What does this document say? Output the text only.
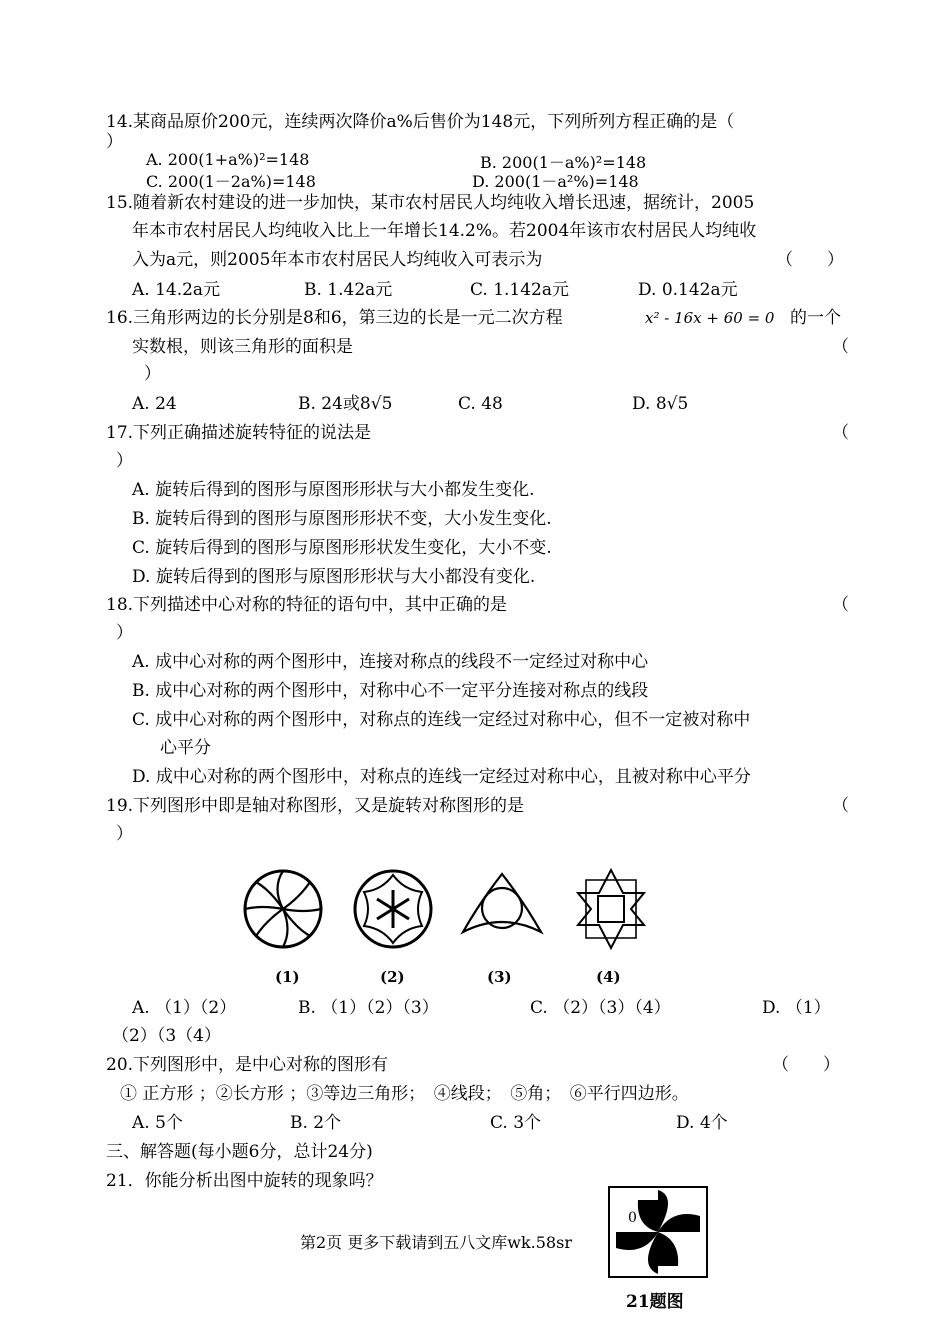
14.某商品原价200元，连续两次降价a%后售价为148元，下列所列方程正确的是（
）
A. 200(1+a%)²=148	B. 200(1－a%)²=148
C. 200(1－2a%)=148	D. 200(1－a²%)=148
15.随着新农村建设的进一步加快，某市农村居民人均纯收入增长迅速，据统计，2005
年本市农村居民人均纯收入比上一年增长14.2%。若2004年该市农村居民人均纯收
入为a元，则2005年本市农村居民人均纯收入可表示为	（　　）
A. 14.2a元	B. 1.42a元	C. 1.142a元	D. 0.142a元
16.三角形两边的长分别是8和6，第三边的长是一元二次方程	x² - 16x + 60 = 0 的一个
实数根，则该三角形的面积是	（
）
A. 24	B. 24或8√5	C. 48	D. 8√5
17.下列正确描述旋转特征的说法是	（
）
A. 旋转后得到的图形与原图形形状与大小都发生变化.
B. 旋转后得到的图形与原图形形状不变，大小发生变化.
C. 旋转后得到的图形与原图形形状发生变化，大小不变.
D. 旋转后得到的图形与原图形形状与大小都没有变化.
18.下列描述中心对称的特征的语句中，其中正确的是	（
）
A. 成中心对称的两个图形中，连接对称点的线段不一定经过对称中心
B. 成中心对称的两个图形中，对称中心不一定平分连接对称点的线段
C. 成中心对称的两个图形中，对称点的连线一定经过对称中心，但不一定被对称中
心平分
D. 成中心对称的两个图形中，对称点的连线一定经过对称中心，且被对称中心平分
19.下列图形中即是轴对称图形，又是旋转对称图形的是	（
）
(1)	(2)	(3)	(4)
A. （1）（2）	B. （1）（2）（3）	C. （2）（3）（4）	D. （1）
（2）（3（4）
20.下列图形中，是中心对称的图形有	（　　）
① 正方形 ；②长方形 ；③等边三角形；　④线段；　⑤角；　⑥平行四边形。
A. 5个	B. 2个	C. 3个	D. 4个
三、解答题(每小题6分，总计24分)
21．你能分析出图中旋转的现象吗？
0
21题图
第2页 更多下载请到五八文库wk.58sr
